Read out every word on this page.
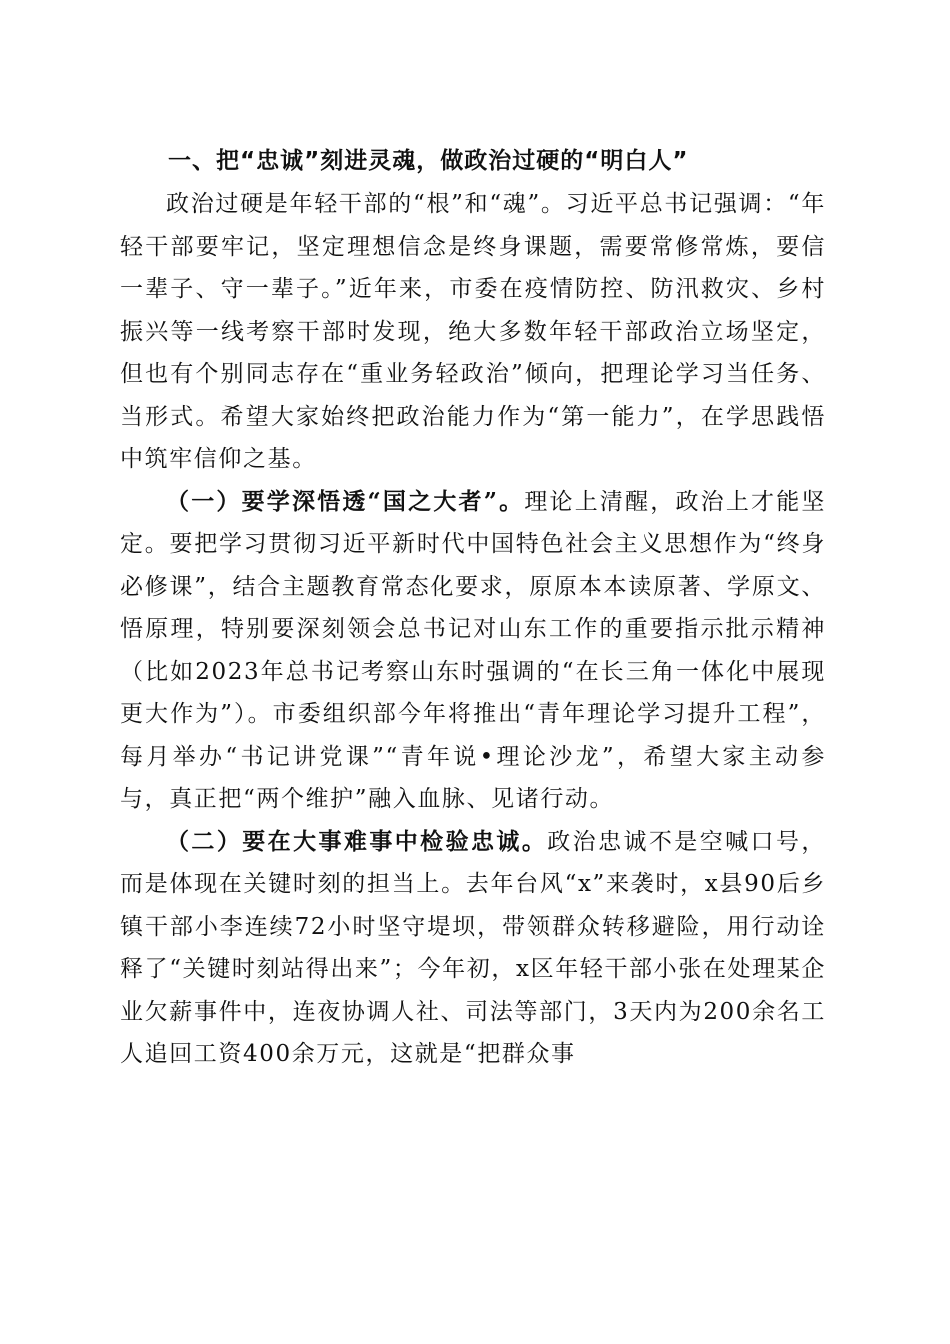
一、把“忠诚”刻进灵魂，做政治过硬的“明白人”

政治过硬是年轻干部的“根”和“魂”。习近平总书记强调：“年轻干部要牢记，坚定理想信念是终身课题，需要常修常炼，要信一辈子、守一辈子。”近年来，市委在疫情防控、防汛救灾、乡村振兴等一线考察干部时发现，绝大多数年轻干部政治立场坚定，但也有个别同志存在“重业务轻政治”倾向，把理论学习当任务、当形式。希望大家始终把政治能力作为“第一能力”，在学思践悟中筑牢信仰之基。

（一）要学深悟透“国之大者”。理论上清醒，政治上才能坚定。要把学习贯彻习近平新时代中国特色社会主义思想作为“终身必修课”，结合主题教育常态化要求，原原本本读原著、学原文、悟原理，特别要深刻领会总书记对山东工作的重要指示批示精神（比如2023年总书记考察山东时强调的“在长三角一体化中展现更大作为”）。市委组织部今年将推出“青年理论学习提升工程”，每月举办“书记讲党课”“青年说•理论沙龙”，希望大家主动参与，真正把“两个维护”融入血脉、见诸行动。

（二）要在大事难事中检验忠诚。政治忠诚不是空喊口号，而是体现在关键时刻的担当上。去年台风“x”来袭时，x县90后乡镇干部小李连续72小时坚守堤坝，带领群众转移避险，用行动诠释了“关键时刻站得出来”；今年初，x区年轻干部小张在处理某企业欠薪事件中，连夜协调人社、司法等部门，3天内为200余名工人追回工资400余万元，这就是“把群众事
